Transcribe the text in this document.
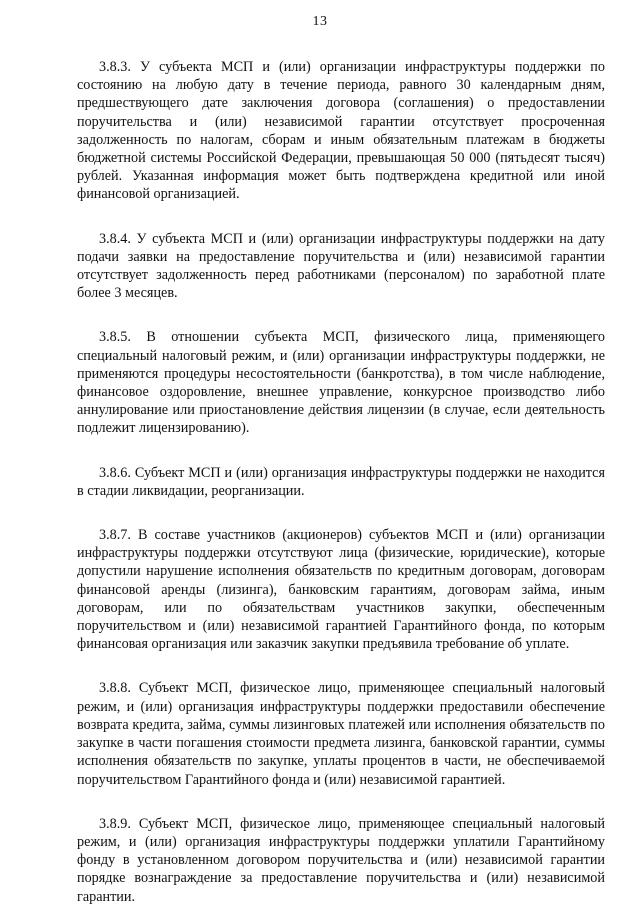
13

3.8.3. У субъекта МСП и (или) организации инфраструктуры поддержки по состоянию на любую дату в течение периода, равного 30 календарным дням, предшествующего дате заключения договора (соглашения) о предоставлении поручительства и (или) независимой гарантии отсутствует просроченная задолженность по налогам, сборам и иным обязательным платежам в бюджеты бюджетной системы Российской Федерации, превышающая 50 000 (пятьдесят тысяч) рублей. Указанная информация может быть подтверждена кредитной или иной финансовой организацией.

3.8.4. У субъекта МСП и (или) организации инфраструктуры поддержки на дату подачи заявки на предоставление поручительства и (или) независимой гарантии отсутствует задолженность перед работниками (персоналом) по заработной плате более 3 месяцев.

3.8.5. В отношении субъекта МСП, физического лица, применяющего специальный налоговый режим, и (или) организации инфраструктуры поддержки, не применяются процедуры несостоятельности (банкротства), в том числе наблюдение, финансовое оздоровление, внешнее управление, конкурсное производство либо аннулирование или приостановление действия лицензии (в случае, если деятельность подлежит лицензированию).

3.8.6. Субъект МСП и (или) организация инфраструктуры поддержки не находится в стадии ликвидации, реорганизации.

3.8.7. В составе участников (акционеров) субъектов МСП и (или) организации инфраструктуры поддержки отсутствуют лица (физические, юридические), которые допустили нарушение исполнения обязательств по кредитным договорам, договорам финансовой аренды (лизинга), банковским гарантиям, договорам займа, иным договорам, или по обязательствам участников закупки, обеспеченным поручительством и (или) независимой гарантией Гарантийного фонда, по которым финансовая организация или заказчик закупки предъявила требование об уплате.

3.8.8. Субъект МСП, физическое лицо, применяющее специальный налоговый режим, и (или) организация инфраструктуры поддержки предоставили обеспечение возврата кредита, займа, суммы лизинговых платежей или исполнения обязательств по закупке в части погашения стоимости предмета лизинга, банковской гарантии, суммы исполнения обязательств по закупке, уплаты процентов в части, не обеспечиваемой поручительством Гарантийного фонда и (или) независимой гарантией.

3.8.9. Субъект МСП, физическое лицо, применяющее специальный налоговый режим, и (или) организация инфраструктуры поддержки уплатили Гарантийному фонду в установленном договором поручительства и (или) независимой гарантии порядке вознаграждение за предоставление поручительства и (или) независимой гарантии.
